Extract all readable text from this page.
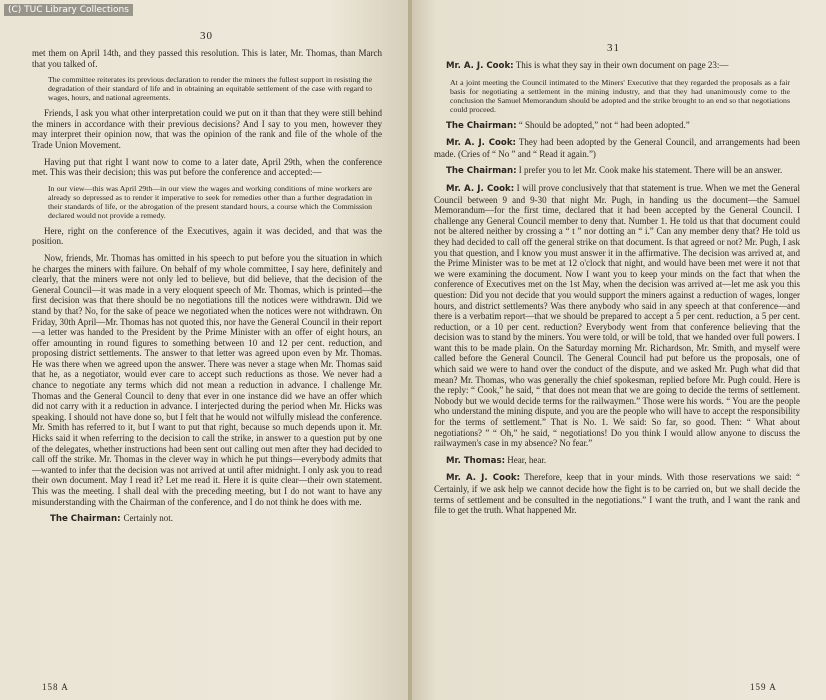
(C) TUC Library Collections
30

met them on April 14th, and they passed this resolution. This is later, Mr. Thomas, than March that you talked of.

The committee reiterates its previous declaration to render the miners the fullest support in resisting the degradation of their standard of life and in obtaining an equitable settlement of the case with regard to wages, hours, and national agreements.

Friends, I ask you what other interpretation could we put on it than that they were still behind the miners in accordance with their previous decisions? And I say to you men, however they may interpret their opinion now, that was the opinion of the rank and file of the whole of the Trade Union Movement.

Having put that right I want now to come to a later date, April 29th, when the conference met. This was their decision; this was put before the conference and accepted:—

In our view—this was April 29th—in our view the wages and working conditions of mine workers are already so depressed as to render it imperative to seek for remedies other than a further degradation in their standards of life, or the abrogation of the present standard hours, a course which the Commission declared would not provide a remedy.

Here, right on the conference of the Executives, again it was decided, and that was the position.

Now, friends, Mr. Thomas has omitted in his speech to put before you the situation in which he charges the miners with failure. On behalf of my whole committee, I say here, definitely and clearly, that the miners were not only led to believe, but did believe, that the decision of the General Council—it was made in a very eloquent speech of Mr. Thomas, which is printed—the first decision was that there should be no negotiations till the notices were withdrawn. Did we stand by that? No, for the sake of peace we negotiated when the notices were not withdrawn. On Friday, 30th April—Mr. Thomas has not quoted this, nor have the General Council in their report—a letter was handed to the President by the Prime Minister with an offer of eight hours, an offer amounting in round figures to something between 10 and 12 per cent. reduction, and proposing district settlements. The answer to that letter was agreed upon even by Mr. Thomas. He was there when we agreed upon the answer. There was never a stage when Mr. Thomas said that he, as a negotiator, would ever care to accept such reductions as those. We never had a chance to negotiate any terms which did not mean a reduction in advance. I challenge Mr. Thomas and the General Council to deny that ever in one instance did we have an offer which did not carry with it a reduction in advance. I interjected during the period when Mr. Hicks was speaking. I should not have done so, but I felt that he would not wilfully mislead the conference. Mr. Smith has referred to it, but I want to put that right, because so much depends upon it. Mr. Hicks said it when referring to the decision to call the strike, in answer to a question put by one of the delegates, whether instructions had been sent out calling out men after they had decided to call off the strike. Mr. Thomas in the clever way in which he put things—everybody admits that—wanted to infer that the decision was not arrived at until after midnight. I only ask you to read their own document. May I read it? Let me read it. Here it is quite clear—their own statement. This was the meeting. I shall deal with the preceding meeting, but I do not want to have any misunderstanding with the Chairman of the conference, and I do not think he does with me.

The Chairman: Certainly not.
158 A
31

Mr. A. J. Cook: This is what they say in their own document on page 23:—

At a joint meeting the Council intimated to the Miners' Executive that they regarded the proposals as a fair basis for negotiating a settlement in the mining industry, and that they had unanimously come to the conclusion the Samuel Memorandum should be adopted and the strike brought to an end so that negotiations could proceed.

The Chairman: “ Should be adopted,” not “ had been adopted.”

Mr. A. J. Cook: They had been adopted by the General Council, and arrangements had been made. (Cries of “ No ” and “ Read it again.”)

The Chairman: I prefer you to let Mr. Cook make his statement. There will be an answer.

Mr. A. J. Cook: I will prove conclusively that that statement is true. When we met the General Council between 9 and 9-30 that night Mr. Pugh, in handing us the document—the Samuel Memorandum—for the first time, declared that it had been accepted by the General Council. I challenge any General Council member to deny that. Number 1. He told us that that document could not be altered neither by crossing a “ t ” nor dotting an “ i.” Can any member deny that? He told us they had decided to call off the general strike on that document. Is that agreed or not? Mr. Pugh, I ask you that question, and I know you must answer it in the affirmative. The decision was arrived at, and the Prime Minister was to be met at 12 o'clock that night, and would have been met were it not that we were examining the document. Now I want you to keep your minds on the fact that when the conference of Executives met on the 1st May, when the decision was arrived at—let me ask you this question: Did you not decide that you would support the miners against a reduction of wages, longer hours, and district settlements? Was there anybody who said in any speech at that conference—and there is a verbatim report—that we should be prepared to accept a 5 per cent. reduction, a 5 per cent. reduction, or a 10 per cent. reduction? Everybody went from that conference believing that the decision was to stand by the miners. You were told, or will be told, that we handed over full powers. I want this to be made plain. On the Saturday morning Mr. Richardson, Mr. Smith, and myself were called before the General Council. The General Council had put before us the proposals, one of which said we were to hand over the conduct of the dispute, and we asked Mr. Pugh what did that mean? Mr. Thomas, who was generally the chief spokesman, replied before Mr. Pugh could. Here is the reply: “ Cook,” he said, “ that does not mean that we are going to decide the terms of settlement. Nobody but we would decide terms for the railwaymen.” Those were his words. “ You are the people who understand the mining dispute, and you are the people who will have to accept the responsibility for the terms of settlement.” That is No. 1. We said: So far, so good. Then: “ What about negotiations? ” “ Oh,” he said, “ negotiations! Do you think I would allow anyone to discuss the railwaymen's case in my absence? No fear.”

Mr. Thomas: Hear, hear.

Mr. A. J. Cook: Therefore, keep that in your minds. With those reservations we said: “ Certainly, if we ask help we cannot decide how the fight is to be carried on, but we shall decide the terms of settlement and be consulted in the negotiations.” I want the truth, and I want the rank and file to get the truth. What happened Mr.

159 A
